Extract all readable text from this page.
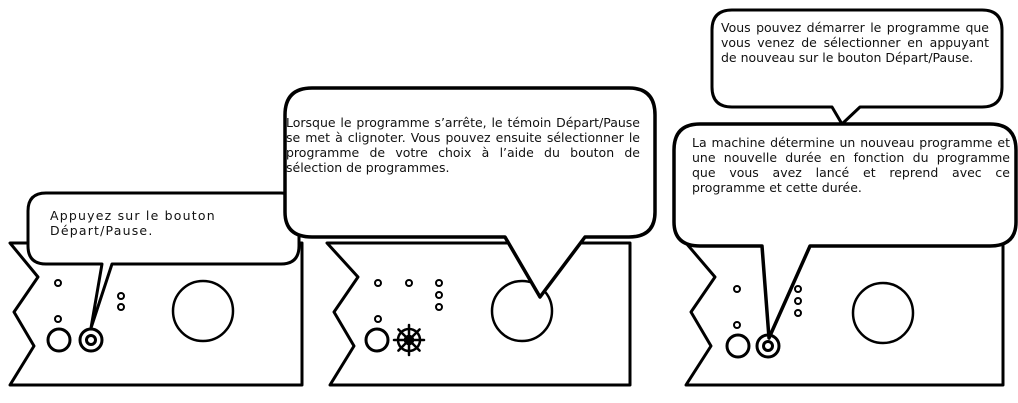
Appuyez sur le bouton Départ/Pause.

Lorsque le programme s’arrête, le témoin Départ/Pause se met à clignoter. Vous pouvez ensuite sélectionner le programme de votre choix à l’aide du bouton de sélection de programmes.

Vous pouvez démarrer le programme que vous venez de sélectionner en appuyant de nouveau sur le bouton Départ/Pause.

La machine détermine un nouveau programme et une nouvelle durée en fonction du programme que vous avez lancé et reprend avec ce programme et cette durée.
